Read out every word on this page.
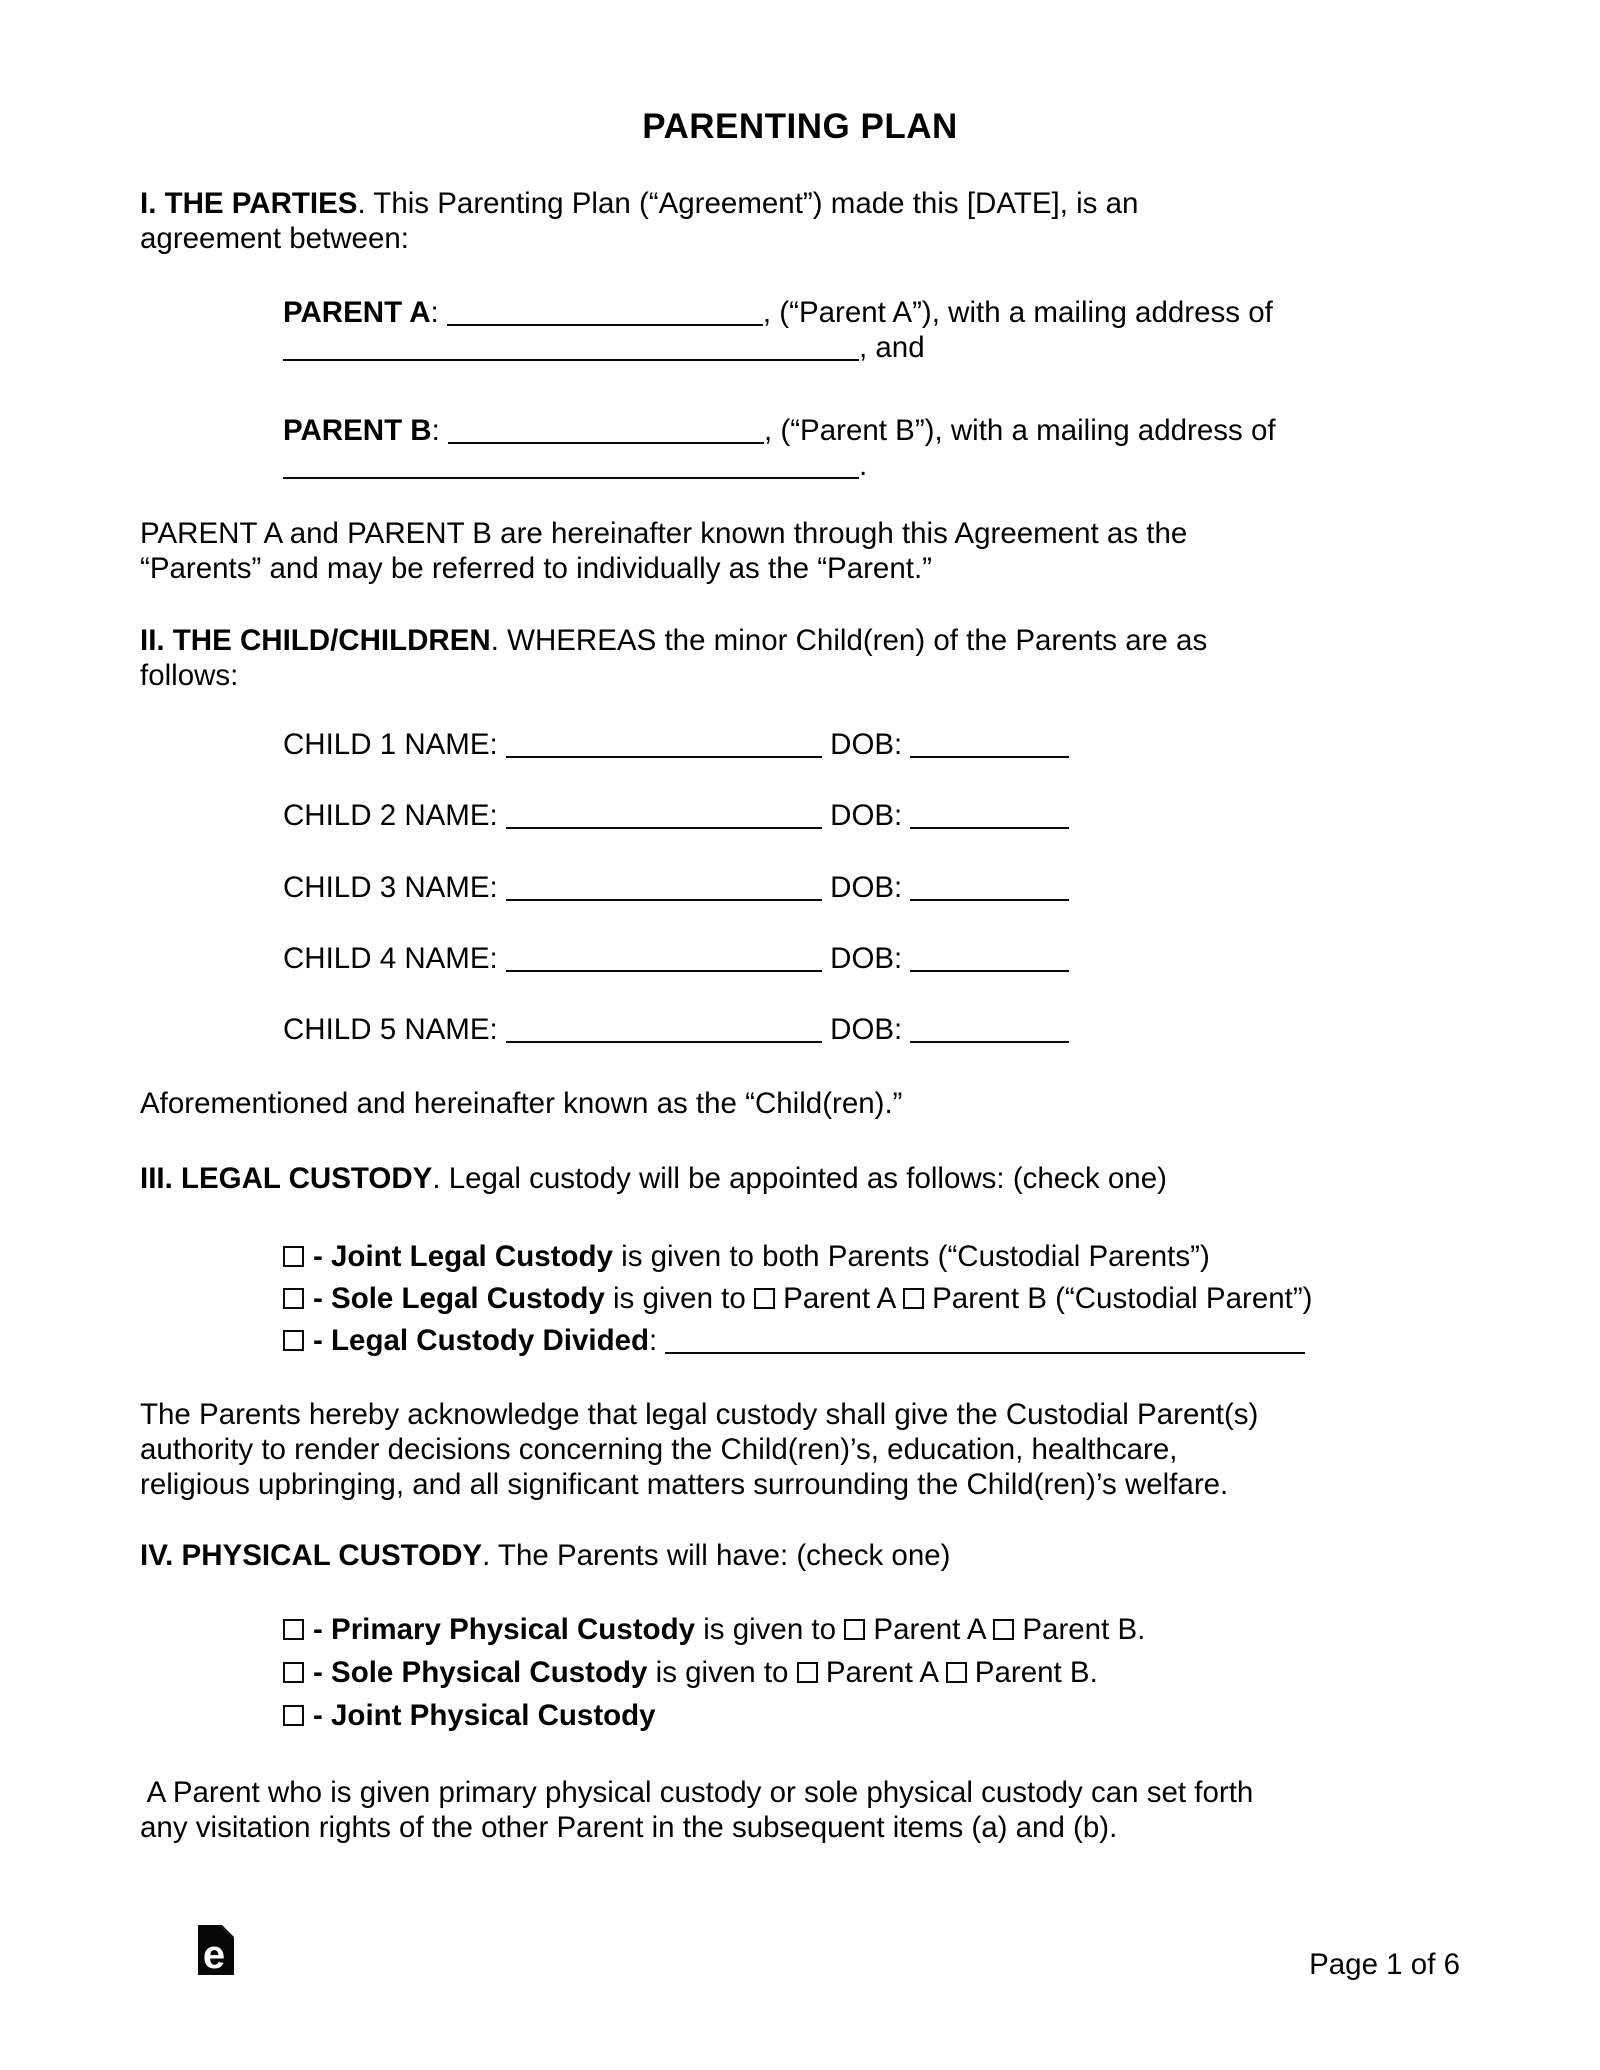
PARENTING PLAN
I. THE PARTIES. This Parenting Plan (“Agreement”) made this [DATE], is an
agreement between:
PARENT A:	, (“Parent A”), with a mailing address of
, and
PARENT B:	, (“Parent B”), with a mailing address of
.
PARENT A and PARENT B are hereinafter known through this Agreement as the
“Parents” and may be referred to individually as the “Parent.”
II. THE CHILD/CHILDREN. WHEREAS the minor Child(ren) of the Parents are as
follows:
CHILD 1 NAME:	DOB:
CHILD 2 NAME:	DOB:
CHILD 3 NAME:	DOB:
CHILD 4 NAME:	DOB:
CHILD 5 NAME:	DOB:
Aforementioned and hereinafter known as the “Child(ren).”
III. LEGAL CUSTODY. Legal custody will be appointed as follows: (check one)
- Joint Legal Custody is given to both Parents (“Custodial Parents”)
- Sole Legal Custody is given to  Parent A  Parent B (“Custodial Parent”)
- Legal Custody Divided:
The Parents hereby acknowledge that legal custody shall give the Custodial Parent(s)
authority to render decisions concerning the Child(ren)’s, education, healthcare,
religious upbringing, and all significant matters surrounding the Child(ren)’s welfare.
IV. PHYSICAL CUSTODY. The Parents will have: (check one)
- Primary Physical Custody is given to  Parent A  Parent B.
- Sole Physical Custody is given to  Parent A  Parent B.
- Joint Physical Custody
A Parent who is given primary physical custody or sole physical custody can set forth
any visitation rights of the other Parent in the subsequent items (a) and (b).
e	Page 1 of 6
